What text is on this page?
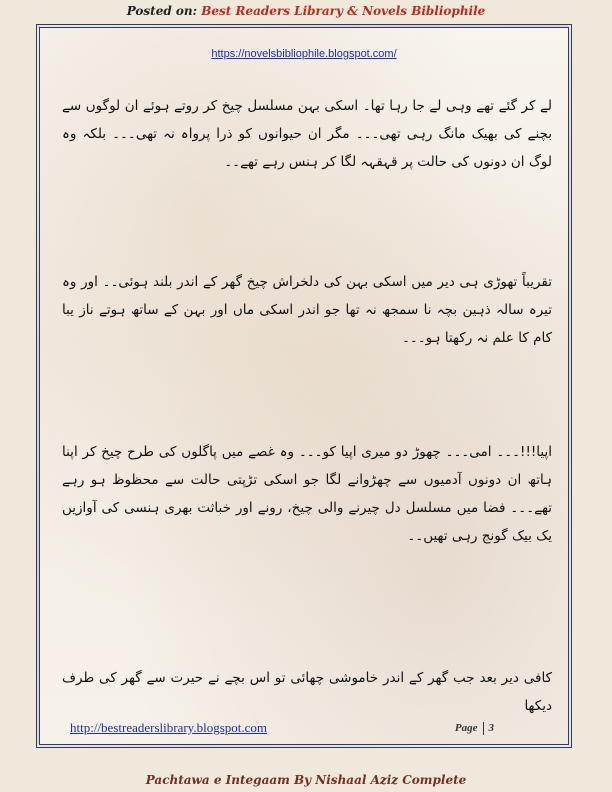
Posted on: Best Readers Library & Novels Bibliophile
https://novelsbibliophile.blogspot.com/

لے کر گئے تھے وہی لے جا رہا تھا۔ اسکی بہن مسلسل چیخ کر روتے ہوئے ان لوگوں سے بچنے کی بھیک مانگ رہی تھی۔۔۔ مگر ان حیوانوں کو ذرا پرواہ نہ تھی۔۔۔ بلکہ وہ لوگ ان دونوں کی حالت پر قہقہہ لگا کر ہنس رہے تھے۔۔

تقریباً تھوڑی ہی دیر میں اسکی بہن کی دلخراش چیخ گھر کے اندر بلند ہوئی۔۔ اور وہ تیرہ سالہ ذہین بچہ نا سمجھ نہ تھا جو اندر اسکی ماں اور بہن کے ساتھ ہوتے ناز یبا کام کا علم نہ رکھتا ہو۔۔۔

اپیا!!!۔۔۔ امی۔۔۔ چھوڑ دو میری اپیا کو۔۔۔ وہ غصے میں پاگلوں کی طرح چیخ کر اپنا ہاتھ ان دونوں آدمیوں سے چھڑوانے لگا جو اسکی تڑپتی حالت سے محظوظ ہو رہے تھے۔۔۔ فضا میں مسلسل دل چیرنے والی چیخ، رونے اور خباثت بھری ہنسی کی آوازیں یک بیک گونج رہی تھیں۔۔

کافی دیر بعد جب گھر کے اندر خاموشی چھائی تو اس بچے نے حیرت سے گھر کی طرف دیکھا

http://bestreaderslibrary.blogspot.com	Page 3
Pachtawa e Integaam By Nishaal Aziz Complete
